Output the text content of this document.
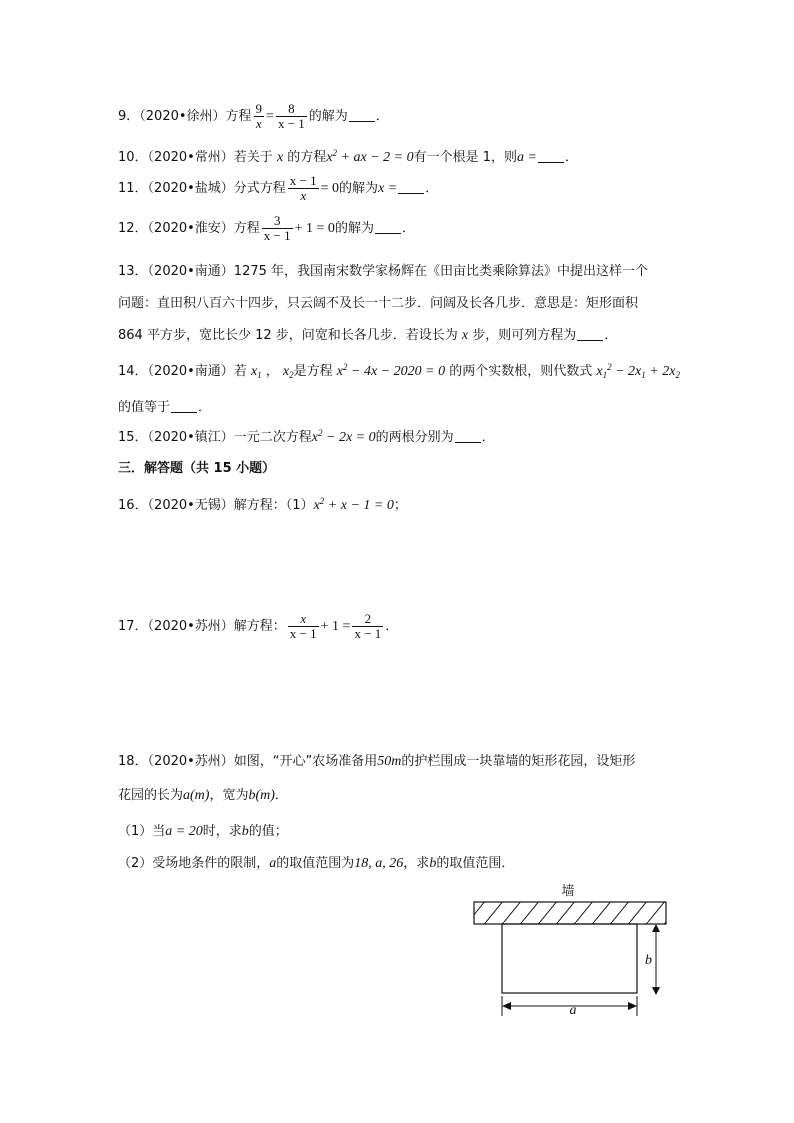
9．（2020•徐州）方程 $\frac{9}{x} = \frac{8}{x - 1}$ 的解为 ．
10．（2020•常州）若关于 x 的方程$x^2$ + ax − 2 = 0有一个根是 1，则a = ．
11．（2020•盐城）分式方程 $\frac{x - 1}{x} = 0$的解为x = ．
12．（2020•淮安）方程 $\frac{3}{x - 1} + 1 = 0$的解为 ．
13．（2020•南通）1275 年，我国南宋数学家杨辉在《田亩比类乘除算法》中提出这样一个
问题：直田积八百六十四步，只云阔不及长一十二步．问阔及长各几步．意思是：矩形面积
864 平方步，宽比长少 12 步，问宽和长各几步．若设长为 x 步，则可列方程为 ．
14．（2020•南通）若 $x_1$ ， $x_2$是方程 $x^2 - 4x - 2020 = 0$ 的两个实数根，则代数式 $x_1^2 - 2x_1 + 2x_2$
的值等于 ．
15．（2020•镇江）一元二次方程$x^2 - 2x = 0$的两根分别为 ．
三．解答题（共 15 小题）
16．（2020•无锡）解方程：$(1)x^2 + x - 1 = 0$；
17．（2020•苏州）解方程： $\frac{x}{x - 1} + 1 = \frac{2}{x - 1}$ ．
18．（2020•苏州）如图，“开心”农场准备用50m的护栏围成一块靠墙的矩形花园，设矩形
花园的长为a(m)，宽为b(m)．
（1）当a = 20时，求b的值；
（2）受场地条件的限制，a的取值范围为18, a, 26，求b的取值范围．
墙
b
a
